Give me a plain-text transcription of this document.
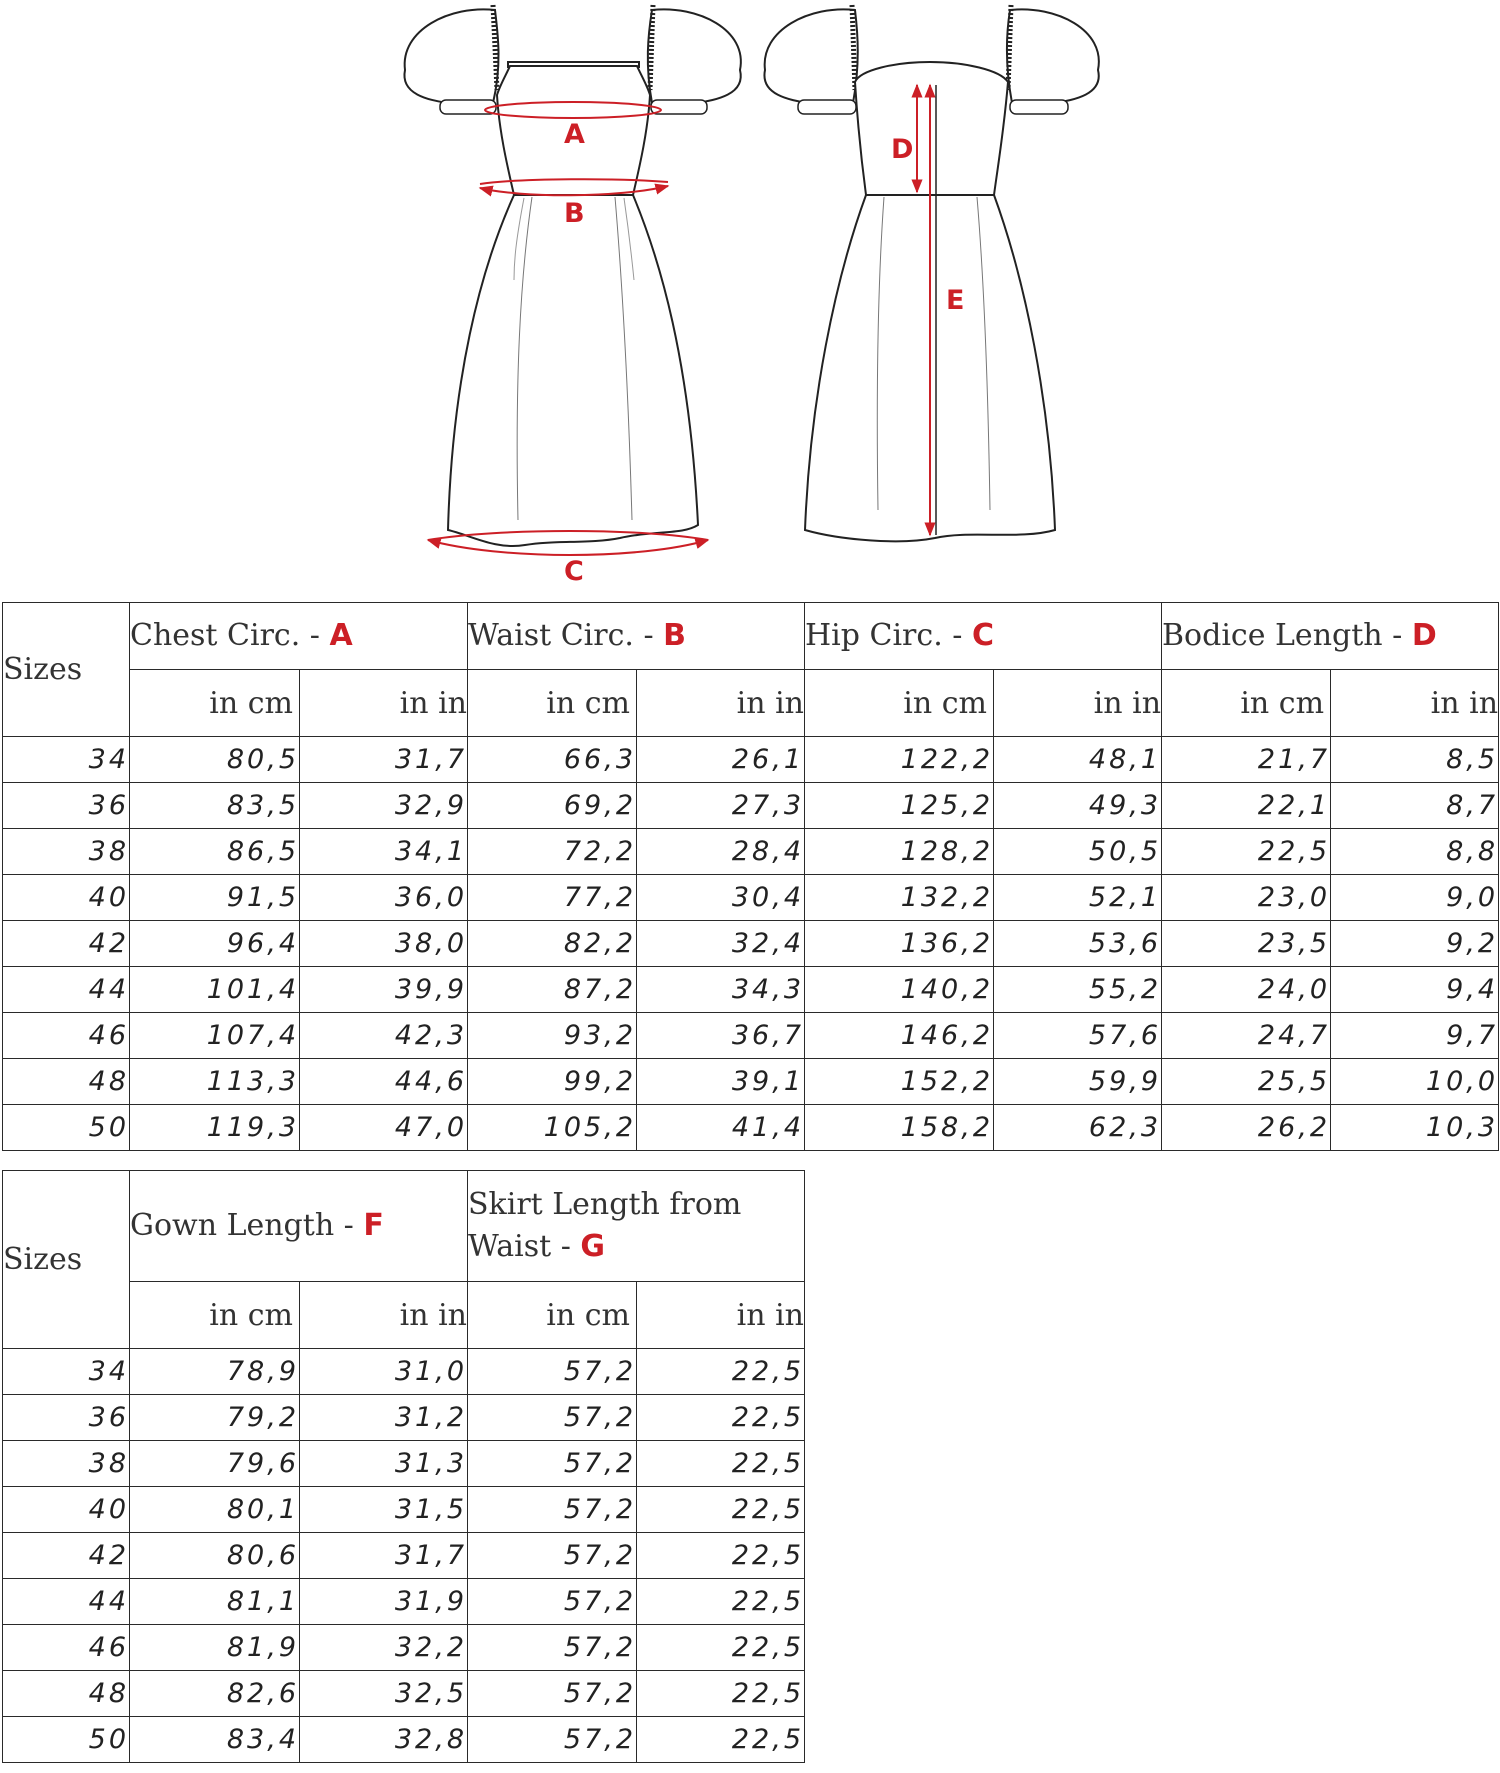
A
B
C
D
E
Sizes	Chest Circ. - A		Waist Circ. - B		Hip Circ. - C		Bodice Length - D	
	in cm	in in	in cm	in in	in cm	in in	in cm	in in
34	80,5	31,7	66,3	26,1	122,2	48,1	21,7	8,5
36	83,5	32,9	69,2	27,3	125,2	49,3	22,1	8,7
38	86,5	34,1	72,2	28,4	128,2	50,5	22,5	8,8
40	91,5	36,0	77,2	30,4	132,2	52,1	23,0	9,0
42	96,4	38,0	82,2	32,4	136,2	53,6	23,5	9,2
44	101,4	39,9	87,2	34,3	140,2	55,2	24,0	9,4
46	107,4	42,3	93,2	36,7	146,2	57,6	24,7	9,7
48	113,3	44,6	99,2	39,1	152,2	59,9	25,5	10,0
50	119,3	47,0	105,2	41,4	158,2	62,3	26,2	10,3
Sizes	Gown Length - F		Skirt Length from Waist - G	
	in cm	in in	in cm	in in
34	78,9	31,0	57,2	22,5
36	79,2	31,2	57,2	22,5
38	79,6	31,3	57,2	22,5
40	80,1	31,5	57,2	22,5
42	80,6	31,7	57,2	22,5
44	81,1	31,9	57,2	22,5
46	81,9	32,2	57,2	22,5
48	82,6	32,5	57,2	22,5
50	83,4	32,8	57,2	22,5
